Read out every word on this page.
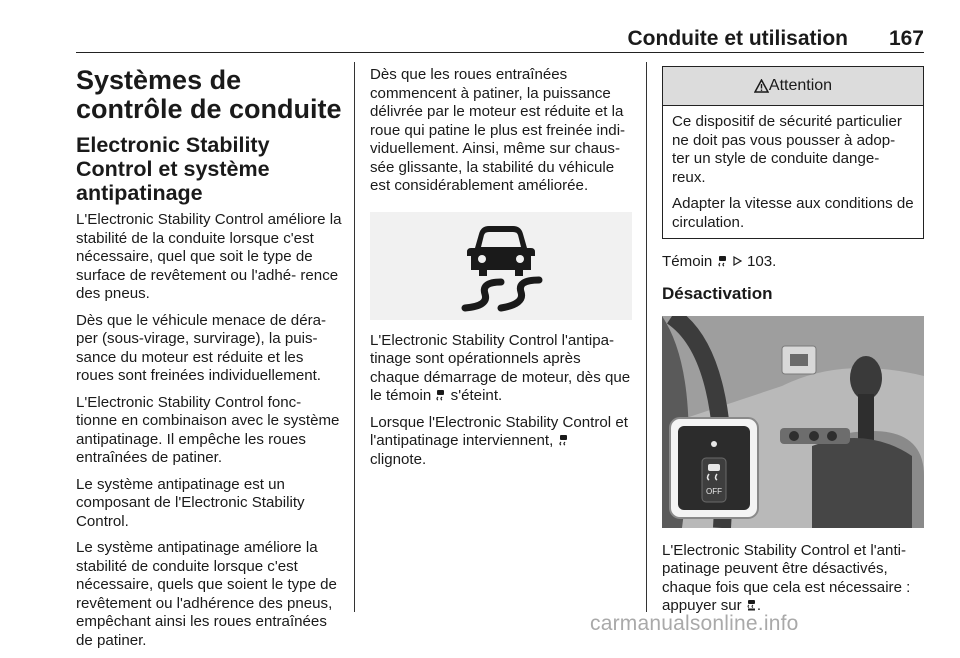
Conduite et utilisation 167
Systèmes de contrôle de conduite
Electronic Stability Control et système antipatinage

L'Electronic Stability Control améliore la stabilité de la conduite lorsque c'est nécessaire, quel que soit le type de surface de revêtement ou l'adhé- rence des pneus.

Dès que le véhicule menace de déra- per (sous-virage, survirage), la puis- sance du moteur est réduite et les roues sont freinées individuellement.

L'Electronic Stability Control fonc- tionne en combinaison avec le système antipatinage. Il empêche les roues entraînées de patiner.

Le système antipatinage est un composant de l'Electronic Stability Control.

Le système antipatinage améliore la stabilité de conduite lorsque c'est nécessaire, quels que soient le type de revêtement ou l'adhérence des pneus, empêchant ainsi les roues entraînées de patiner.

Dès que les roues entraînées commencent à patiner, la puissance délivrée par le moteur est réduite et la roue qui patine le plus est freinée indi- viduellement. Ainsi, même sur chaus- sée glissante, la stabilité du véhicule est considérablement améliorée.

L'Electronic Stability Control l'antipa- tinage sont opérationnels après chaque démarrage de moteur, dès que le témoin s'éteint.

Lorsque l'Electronic Stability Control et l'antipatinage interviennent,
clignote.

Attention

Ce dispositif de sécurité particulier ne doit pas vous pousser à adop- ter un style de conduite dange- reux.

Adapter la vitesse aux conditions de circulation.

Témoin 103.

Désactivation
OFF

L'Electronic Stability Control et l'anti- patinage peuvent être désactivés, chaque fois que cela est nécessaire : appuyer sur .

carmanualsonline.info
